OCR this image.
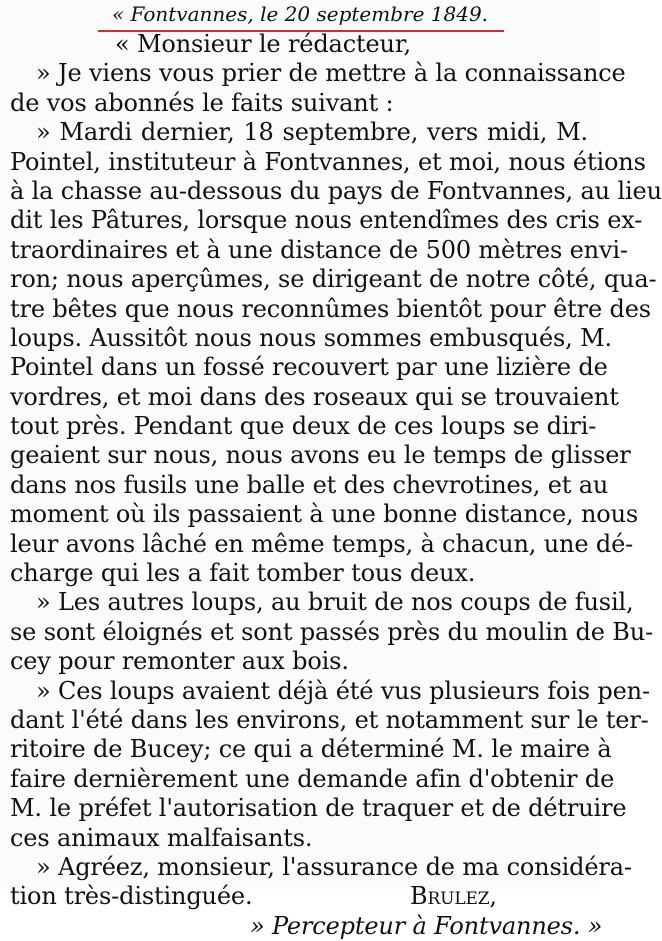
« Fontvannes, le 20 septembre 1849.
« Monsieur le rédacteur,
» Je viens vous prier de mettre à la connaissance
de vos abonnés le faits suivant :
» Mardi dernier, 18 septembre, vers midi, M.
Pointel, instituteur à Fontvannes, et moi, nous étions
à la chasse au-dessous du pays de Fontvannes, au lieu
dit les Pâtures, lorsque nous entendîmes des cris ex-
traordinaires et à une distance de 500 mètres envi-
ron; nous aperçûmes, se dirigeant de notre côté, qua-
tre bêtes que nous reconnûmes bientôt pour être des
loups. Aussitôt nous nous sommes embusqués, M.
Pointel dans un fossé recouvert par une lizière de
vordres, et moi dans des roseaux qui se trouvaient
tout près. Pendant que deux de ces loups se diri-
geaient sur nous, nous avons eu le temps de glisser
dans nos fusils une balle et des chevrotines, et au
moment où ils passaient à une bonne distance, nous
leur avons lâché en même temps, à chacun, une dé-
charge qui les a fait tomber tous deux.
» Les autres loups, au bruit de nos coups de fusil,
se sont éloignés et sont passés près du moulin de Bu-
cey pour remonter aux bois.
» Ces loups avaient déjà été vus plusieurs fois pen-
dant l'été dans les environs, et notamment sur le ter-
ritoire de Bucey; ce qui a déterminé M. le maire à
faire dernièrement une demande afin d'obtenir de
M. le préfet l'autorisation de traquer et de détruire
ces animaux malfaisants.
» Agréez, monsieur, l'assurance de ma considéra-
tion très-distinguée.	Brulez,
» Percepteur à Fontvannes. »
